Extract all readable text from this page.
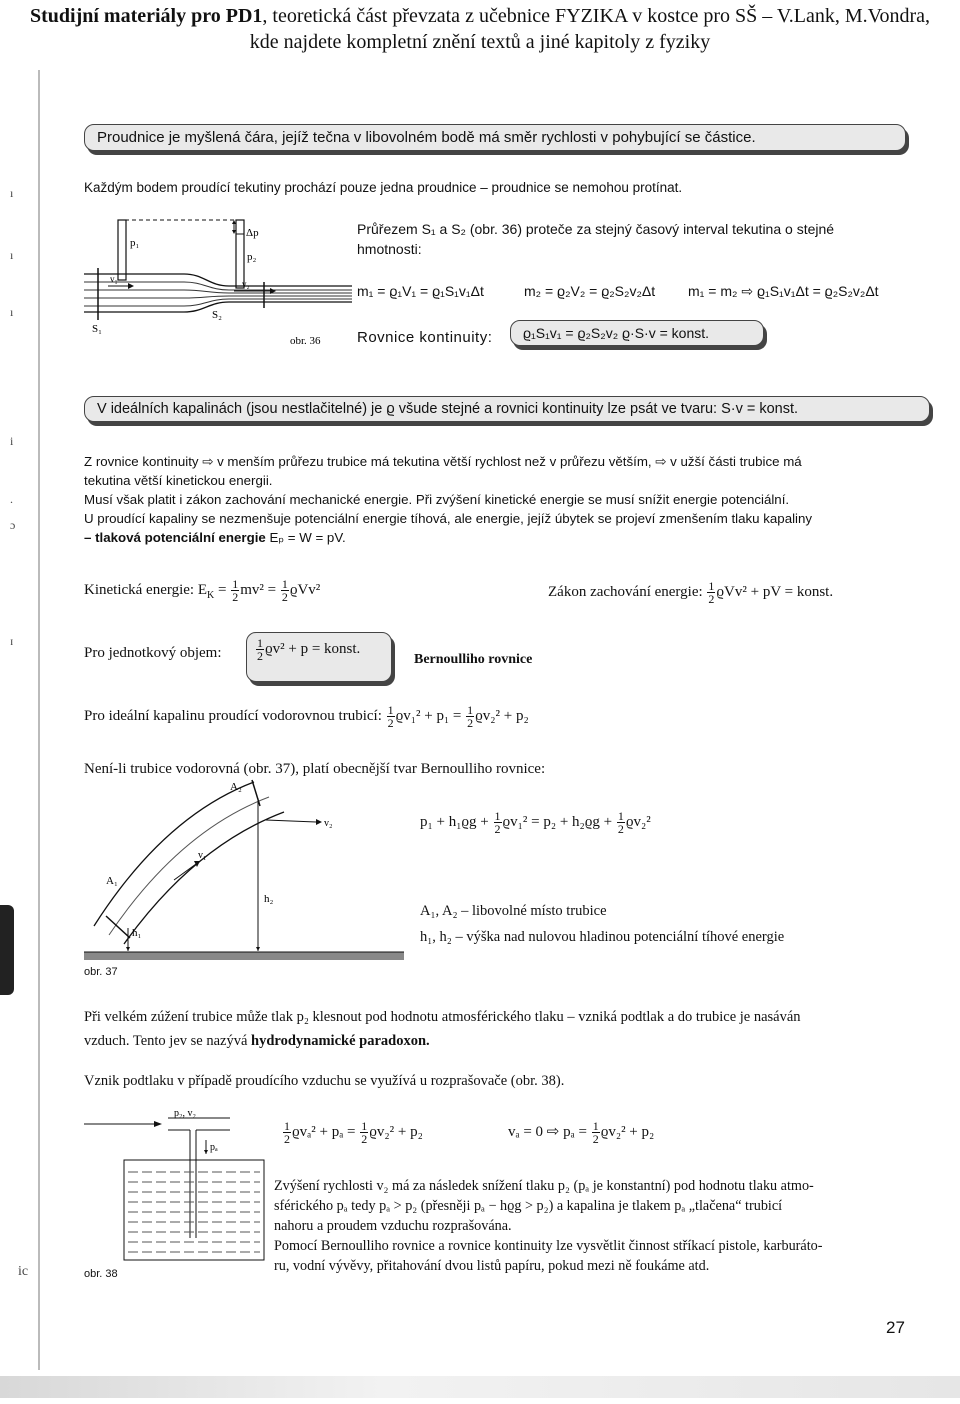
Studijní materiály pro PD1, teoretická část převzata z učebnice FYZIKA v kostce pro SŠ – V.Lank, M.Vondra,
kde najdete kompletní znění textů a jiné kapitoly z fyziky
ı
ı
ı
i
.
ɔ
ɪ
ic
Proudnice je myšlená čára, jejíž tečna v libovolném bodě má směr rychlosti v pohybující se částice.
Každým bodem proudící tekutiny prochází pouze jedna proudnice – proudnice se nemohou protínat.
p₁
p₂
Δp
v₁	v₂
S₁
S₂
obr. 36
Průřezem S₁ a S₂ (obr. 36) proteče za stejný časový interval tekutina o stejné
hmotnosti:
m₁ = ϱ₁V₁ = ϱ₁S₁v₁Δt	m₂ = ϱ₂V₂ = ϱ₂S₂v₂Δt m₁ = m₂ ⇨ ϱ₁S₁v₁Δt = ϱ₂S₂v₂Δt
Rovnice kontinuity:	ϱ₁S₁v₁ = ϱ₂S₂v₂ ϱ·S·v = konst.
V ideálních kapalinách (jsou nestlačitelné) je ϱ všude stejné a rovnici kontinuity lze psát ve tvaru: S·v = konst.
Z rovnice kontinuity ⇨ v menším průřezu trubice má tekutina větší rychlost než v průřezu větším, ⇨ v užší části trubice má
tekutina větší kinetickou energii.
Musí však platit i zákon zachování mechanické energie. Při zvýšení kinetické energie se musí snížit energie potenciální.
U proudící kapaliny se nezmenšuje potenciální energie tíhová, ale energie, jejíž úbytek se projeví zmenšením tlaku kapaliny
– tlaková potenciální energie Eₚ = W = pV.
Kinetická energie: $E_K = \frac{1}{2} mv^2 = \frac{1}{2} ϱVv^2$	Zákon zachování energie: $\frac{1}{2} ϱVv^2$ + pV = konst.
Pro jednotkový objem:	$\frac{1}{2} ϱv^2 + p$ = konst.
Bernoulliho rovnice
Pro ideální kapalinu proudící vodorovnou trubicí: $\frac{1}{2} ϱv_1^2 + p_1 = \frac{1}{2} ϱv_2^2 + p_2$
Není-li trubice vodorovná (obr. 37), platí obecnější tvar Bernoulliho rovnice:
$p_1 + h_1ϱg + \frac{1}{2} ϱv_1^2 = p_2 + h_2ϱg + \frac{1}{2} ϱv_2^2$
A₂
A₁
v₂
v₁
h₂
h₁
obr. 37
A₁, A₂ – libovolné místo trubice
h₁, h₂ – výška nad nulovou hladinou potenciální tíhové energie
Při velkém zúžení trubice může tlak p₂ klesnout pod hodnotu atmosférického tlaku – vzniká podtlak a do trubice je nasáván
vzduch. Tento jev se nazývá hydrodynamické paradoxon.
Vznik podtlaku v případě proudícího vzduchu se využívá u rozprašovače (obr. 38).
p₂, v₂
pₐ
obr. 38
$\frac{1}{2} ϱv_a^2 + p_a = \frac{1}{2} ϱv_2^2 + p_2$	vₐ = 0 ⇨ $p_a = \frac{1}{2} ϱv_2^2 + p_2$
Zvýšení rychlosti v₂ má za následek snížení tlaku p₂ (pₐ je konstantní) pod hodnotu tlaku atmo-
sférického pₐ tedy pₐ > p₂ (přesněji pₐ − hϱg > p₂) a kapalina je tlakem pₐ „tlačena“ trubicí
nahoru a proudem vzduchu rozprašována.
Pomocí Bernoulliho rovnice a rovnice kontinuity lze vysvětlit činnost stříkací pistole, karburáto-
ru, vodní vývěvy, přitahování dvou listů papíru, pokud mezi ně foukáme atd.
27
